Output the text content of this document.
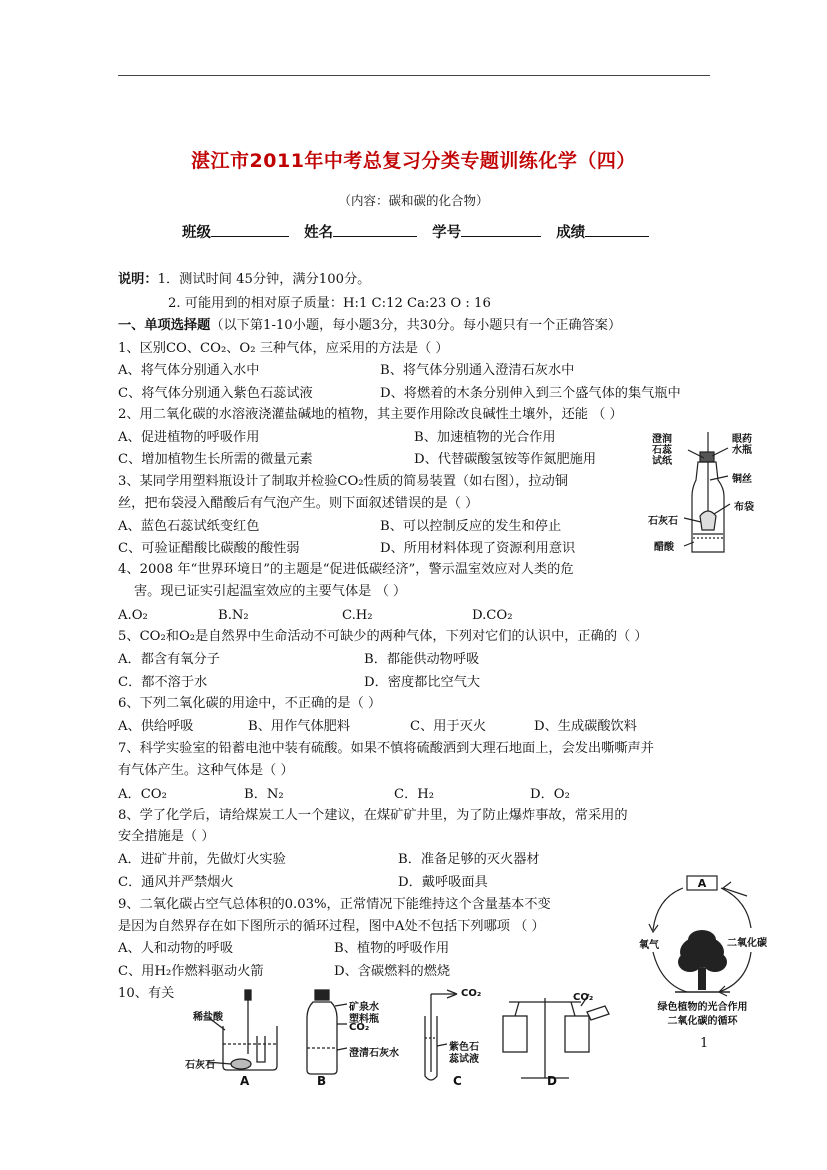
湛江市2011年中考总复习分类专题训练化学（四）
（内容：碳和碳的化合物）
班级	姓名	学号	成绩
说明：1．测试时间 45分钟，满分100分。
2. 可能用到的相对原子质量：H:1 C:12 Ca:23 O : 16
一、单项选择题（以下第1-10小题，每小题3分，共30分。每小题只有一个正确答案）
1、区别CO、CO₂、O₂ 三种气体，应采用的方法是（ ）
A、将气体分别通入水中	B、将气体分别通入澄清石灰水中
C、将气体分别通入紫色石蕊试液	D、将燃着的木条分别伸入到三个盛气体的集气瓶中
2、用二氧化碳的水溶液浇灌盐碱地的植物，其主要作用除改良碱性土壤外，还能 （ ）
A、促进植物的呼吸作用	B、加速植物的光合作用
C、增加植物生长所需的微量元素	D、代替碳酸氢铵等作氮肥施用
3、某同学用塑料瓶设计了制取并检验CO₂性质的简易装置（如右图），拉动铜
丝，把布袋浸入醋酸后有气泡产生。则下面叙述错误的是（ ）
A、蓝色石蕊试纸变红色	B、可以控制反应的发生和停止
C、可验证醋酸比碳酸的酸性弱	D、所用材料体现了资源利用意识
4、2008 年“世界环境日”的主题是“促进低碳经济”，警示温室效应对人类的危
害。现已证实引起温室效应的主要气体是 （ ）
A.O₂	B.N₂	C.H₂	D.CO₂
5、CO₂和O₂是自然界中生命活动不可缺少的两种气体，下列对它们的认识中，正确的（ ）
A．都含有氧分子	B．都能供动物呼吸
C．都不溶于水	D．密度都比空气大
6、下列二氧化碳的用途中，不正确的是（ ）
A、供给呼吸	B、用作气体肥料	C、用于灭火	D、生成碳酸饮料
7、科学实验室的铅蓄电池中装有硫酸。如果不慎将硫酸洒到大理石地面上，会发出嘶嘶声并
有气体产生。这种气体是（ ）
A．CO₂	B．N₂	C．H₂	D．O₂
8、学了化学后，请给煤炭工人一个建议，在煤矿矿井里，为了防止爆炸事故，常采用的
安全措施是（ ）
A．进矿井前，先做灯火实验	B．准备足够的灭火器材
C．通风并严禁烟火	D．戴呼吸面具
9、二氧化碳占空气总体积的0.03%，正常情况下能维持这个含量基本不变
是因为自然界存在如下图所示的循环过程，图中A处不包括下列哪项 （ ）
A、人和动物的呼吸	B、植物的呼吸作用
C、用H₂作燃料驱动火箭	D、含碳燃料的燃烧
10、有关
澄润
石蕊
试纸
眼药
水瓶
铜丝
布袋
石灰石
醋酸
A
氧气	二氧化碳
绿色植物的光合作用
二氧化碳的循环
稀盐酸
石灰石
矿泉水
塑料瓶
CO₂
澄清石灰水
CO₂
紫色石
蕊试液
CO₂
A	B	C	D
1
